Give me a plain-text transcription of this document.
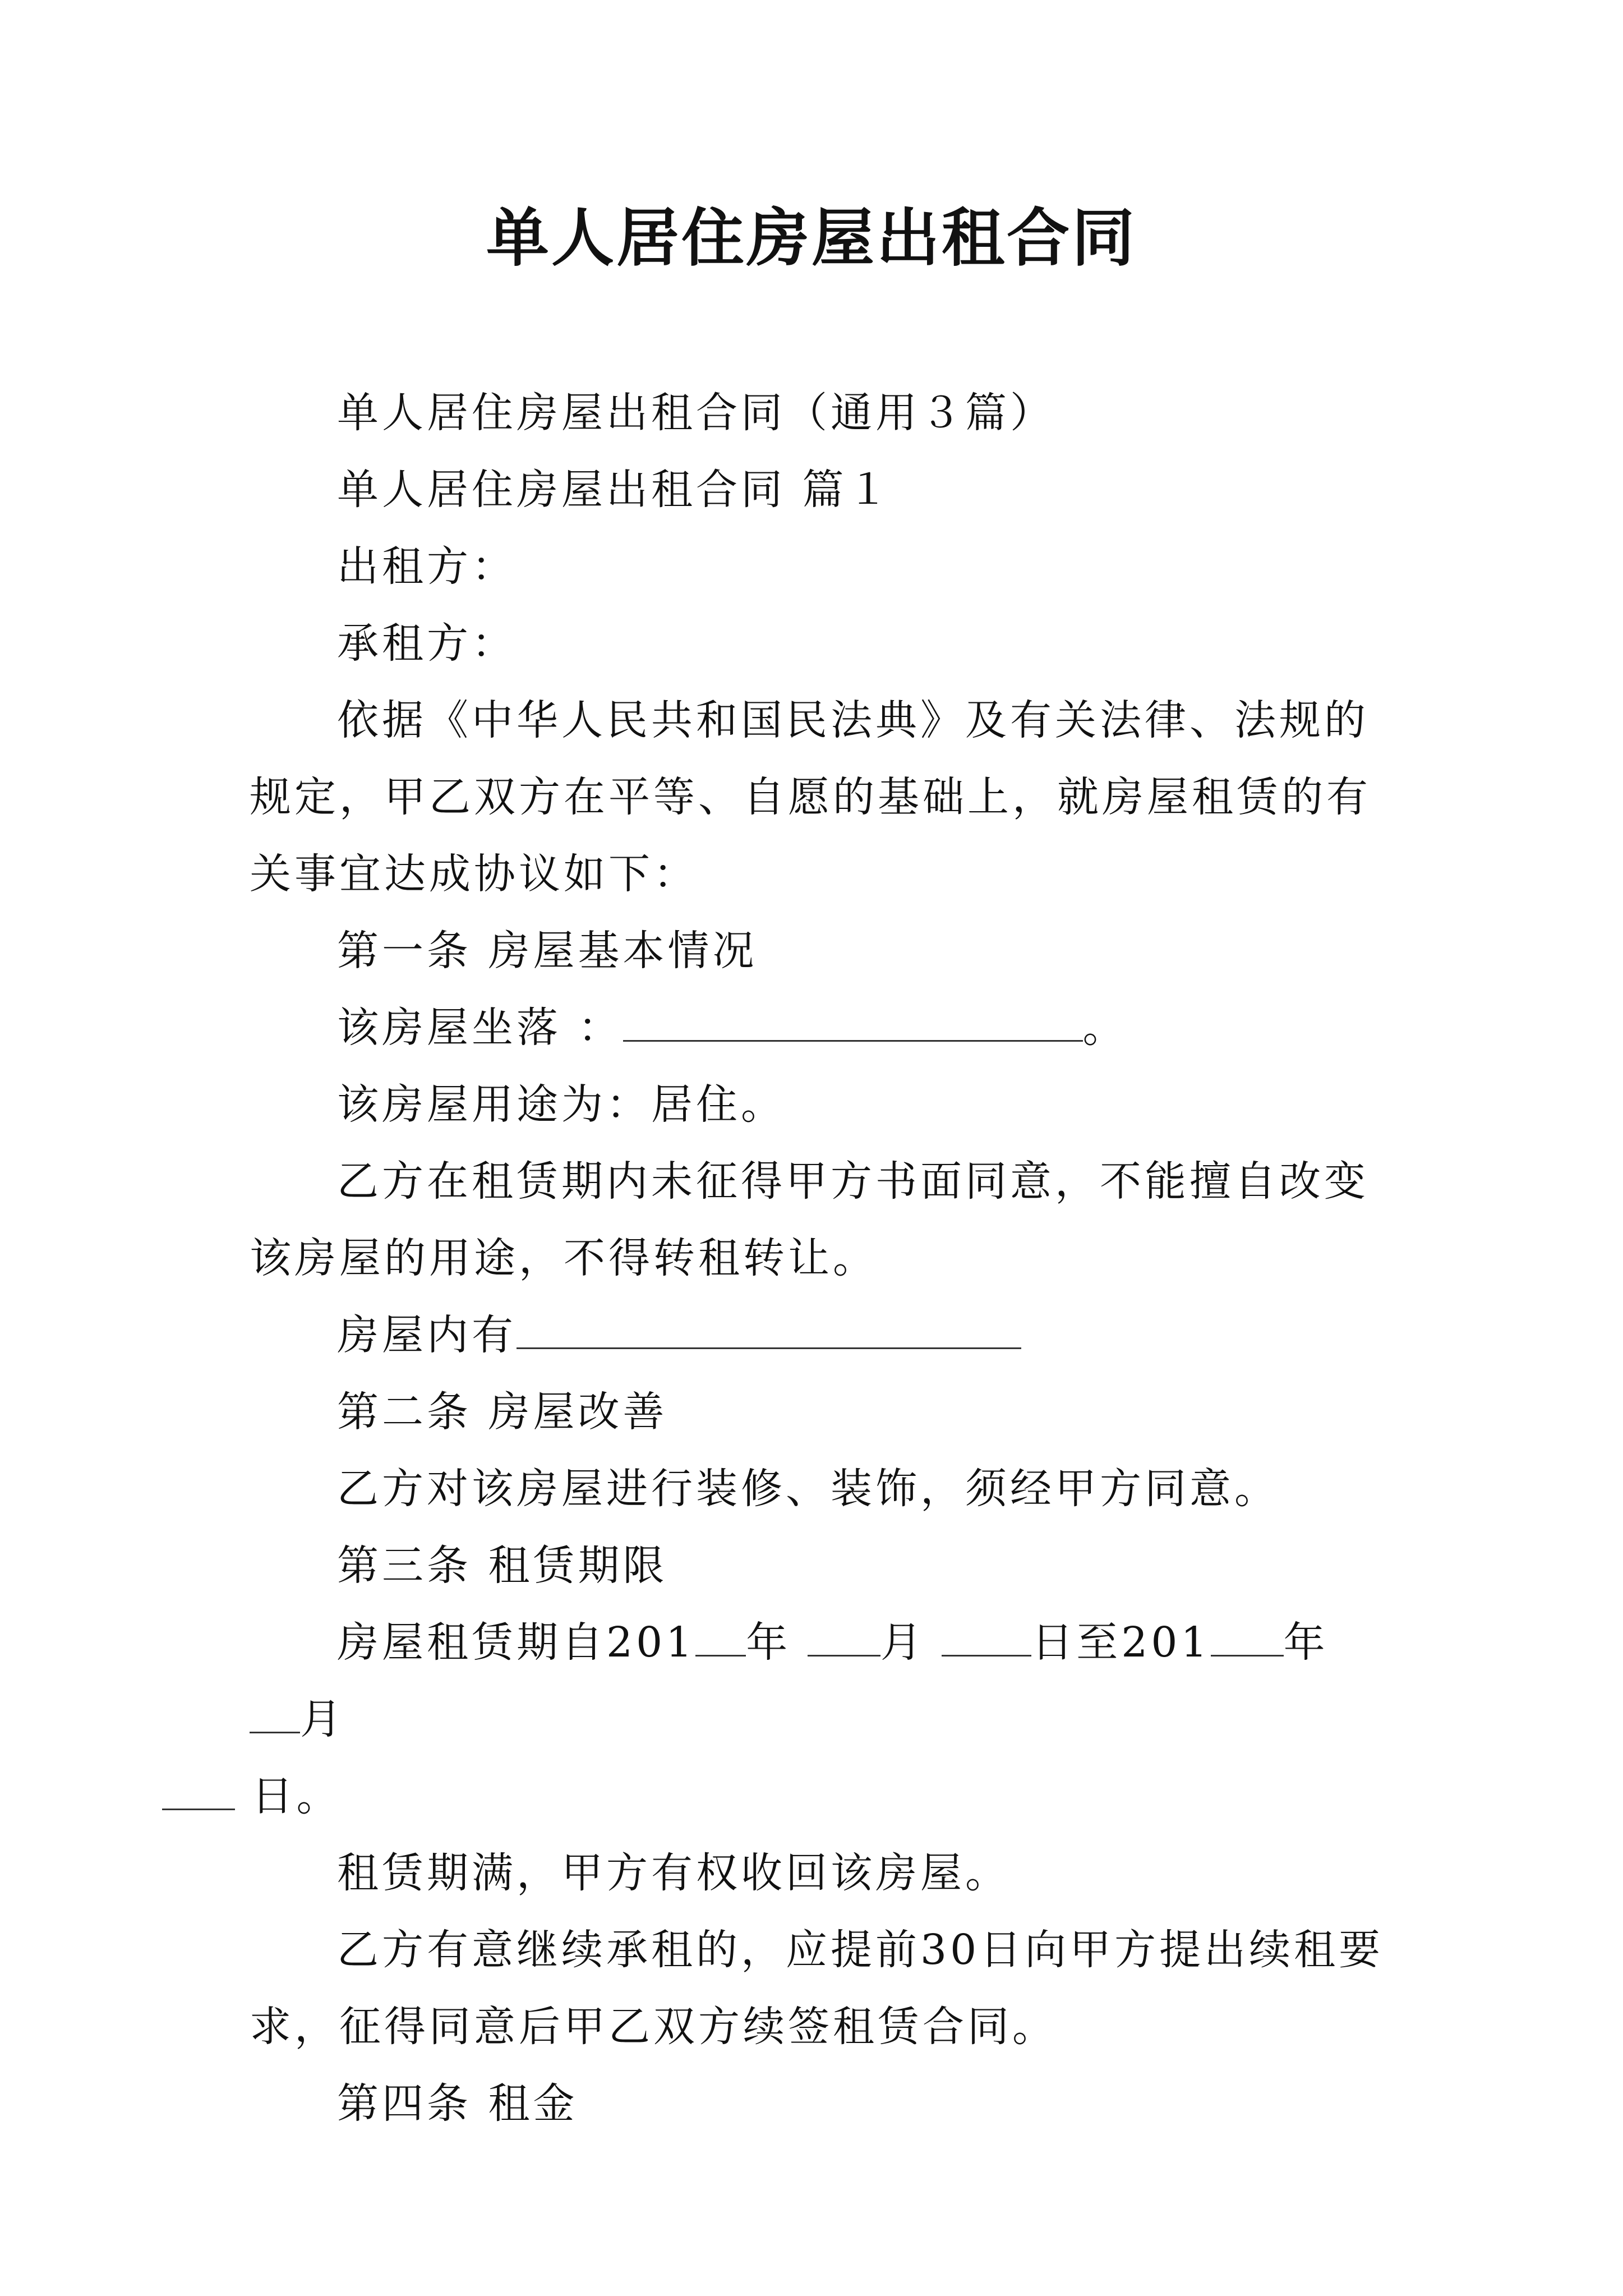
单人居住房屋出租合同

单人居住房屋出租合同（通用３篇）

单人居住房屋出租合同 篇１

出租方：

承租方：

依据《中华人民共和国民法典》及有关法律、法规的规定，甲乙双方在平等、自愿的基础上，就房屋租赁的有关事宜达成协议如下：

第一条 房屋基本情况

该房屋坐落 ：	。

该房屋用途为：居住。

乙方在租赁期内未征得甲方书面同意，不能擅自改变该房屋的用途，不得转租转让。

房屋内有

第二条 房屋改善

乙方对该房屋进行装修、装饰，须经甲方同意。

第三条 租赁期限

房屋租赁期自201 年 月 日至201 年 月
日。

租赁期满，甲方有权收回该房屋。

乙方有意继续承租的，应提前30日向甲方提出续租要求，征得同意后甲乙双方续签租赁合同。

第四条 租金
